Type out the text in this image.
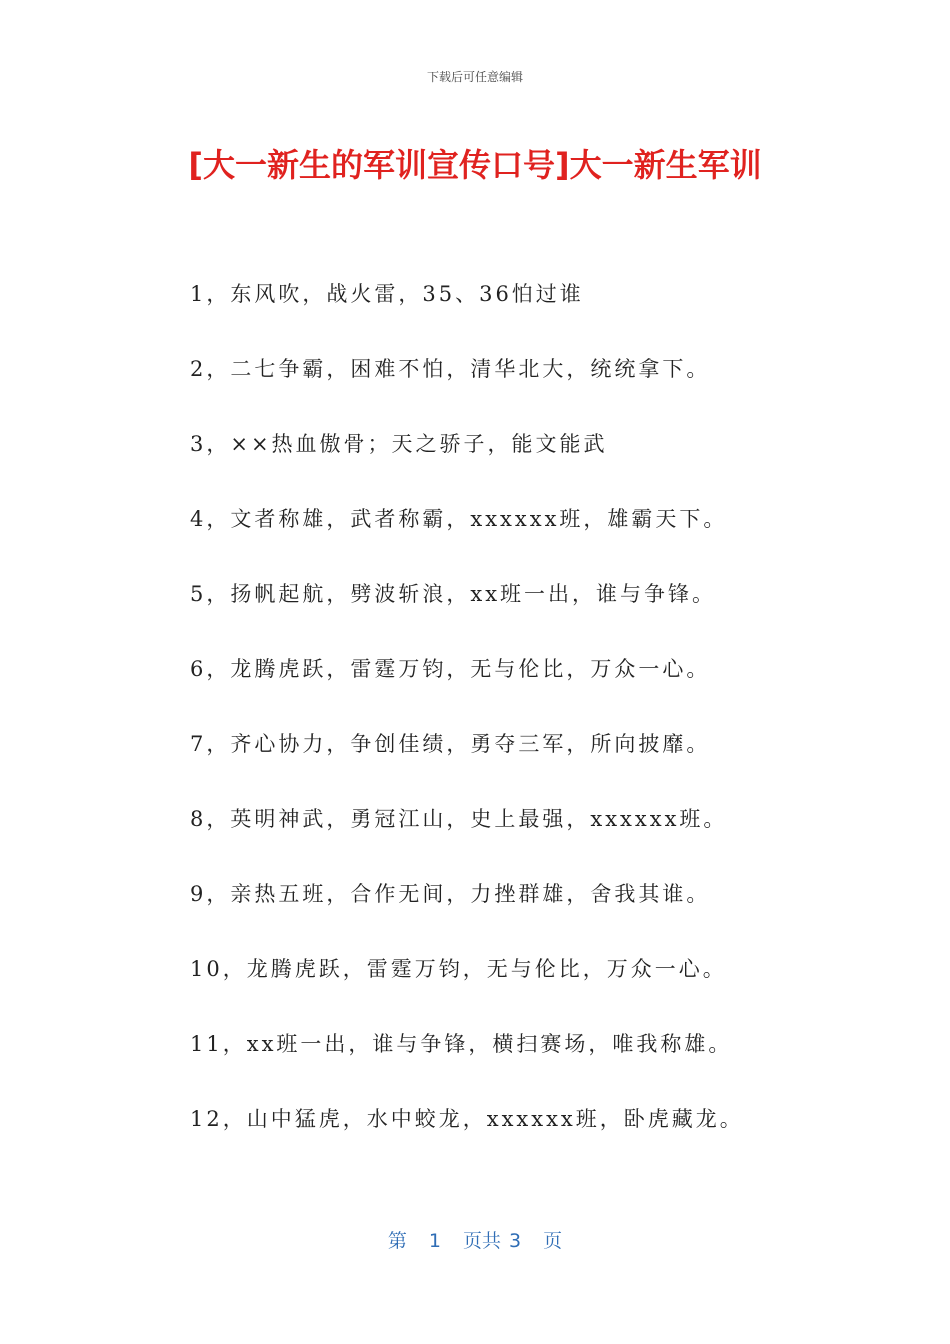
下载后可任意编辑
[大一新生的军训宣传口号]大一新生军训
1，东风吹，战火雷，35、36怕过谁
2，二七争霸，困难不怕，清华北大，统统拿下。
3，××热血傲骨；天之骄子，能文能武
4，文者称雄，武者称霸，xxxxxx班，雄霸天下。
5，扬帆起航，劈波斩浪，xx班一出，谁与争锋。
6，龙腾虎跃，雷霆万钧，无与伦比，万众一心。
7，齐心协力，争创佳绩，勇夺三军，所向披靡。
8，英明神武，勇冠江山，史上最强，xxxxxx班。
9，亲热五班，合作无间，力挫群雄，舍我其谁。
10，龙腾虎跃，雷霆万钧，无与伦比，万众一心。
11，xx班一出，谁与争锋，横扫赛场，唯我称雄。
12，山中猛虎，水中蛟龙，xxxxxx班，卧虎藏龙。
第 1 页共 3 页
